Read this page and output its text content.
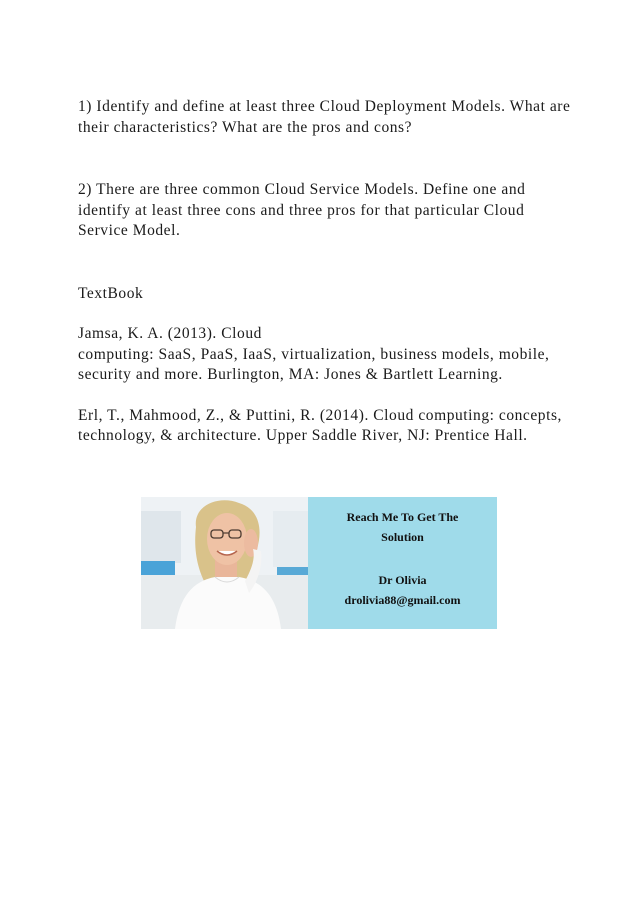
1) Identify and define at least three Cloud Deployment Models. What are their characteristics? What are the pros and cons?

2) There are three common Cloud Service Models. Define one and identify at least three cons and three pros for that particular Cloud Service Model.

TextBook

Jamsa, K. A. (2013). Cloud

computing: SaaS, PaaS, IaaS, virtualization, business models, mobile, security and more. Burlington, MA: Jones & Bartlett Learning.

Erl, T., Mahmood, Z., & Puttini, R. (2014). Cloud computing: concepts, technology, & architecture. Upper Saddle River, NJ: Prentice Hall.

Reach Me To Get The
Solution
Dr Olivia
drolivia88@gmail.com
